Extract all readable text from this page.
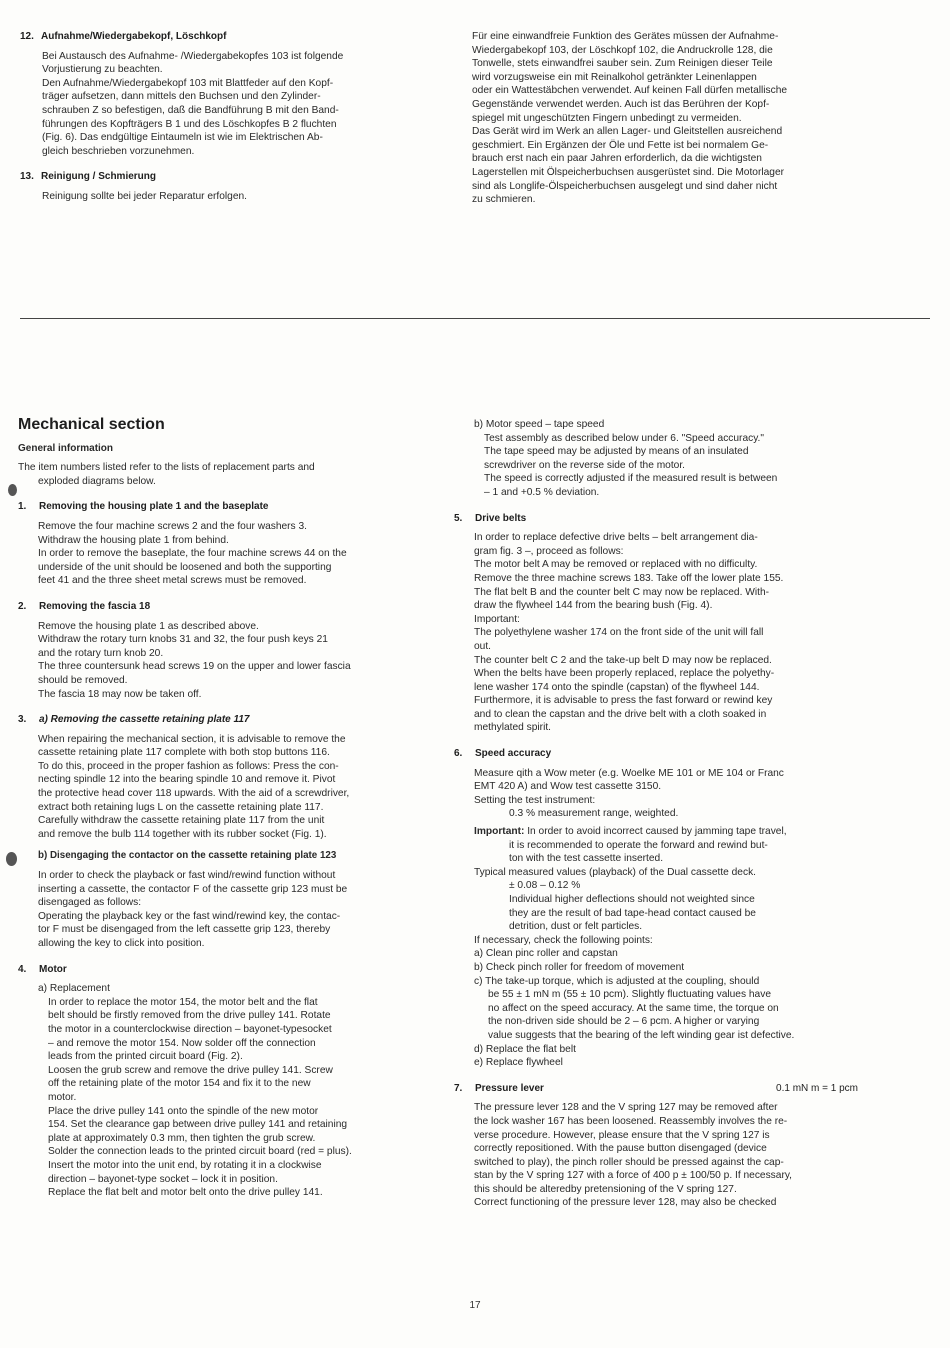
12. Aufnahme/Wiedergabekopf, Löschkopf
Bei Austausch des Aufnahme- /Wiedergabekopfes 103 ist folgende
Vorjustierung zu beachten.
Den Aufnahme/Wiedergabekopf 103 mit Blattfeder auf den Kopf-
träger aufsetzen, dann mittels den Buchsen und den Zylinder-
schrauben Z so befestigen, daß die Bandführung B mit den Band-
führungen des Kopfträgers B 1 und des Löschkopfes B 2 fluchten
(Fig. 6). Das endgültige Eintaumeln ist wie im Elektrischen Ab-
gleich beschrieben vorzunehmen.
13. Reinigung / Schmierung
Reinigung sollte bei jeder Reparatur erfolgen.
Für eine einwandfreie Funktion des Gerätes müssen der Aufnahme-
Wiedergabekopf 103, der Löschkopf 102, die Andruckrolle 128, die
Tonwelle, stets einwandfrei sauber sein. Zum Reinigen dieser Teile
wird vorzugsweise ein mit Reinalkohol getränkter Leinenlappen
oder ein Wattestäbchen verwendet. Auf keinen Fall dürfen metallische
Gegenstände verwendet werden. Auch ist das Berühren der Kopf-
spiegel mit ungeschützten Fingern unbedingt zu vermeiden.
Das Gerät wird im Werk an allen Lager- und Gleitstellen ausreichend
geschmiert. Ein Ergänzen der Öle und Fette ist bei normalem Ge-
brauch erst nach ein paar Jahren erforderlich, da die wichtigsten
Lagerstellen mit Ölspeicherbuchsen ausgerüstet sind. Die Motorlager
sind als Longlife-Ölspeicherbuchsen ausgelegt und sind daher nicht
zu schmieren.
Mechanical section
General information
The item numbers listed refer to the lists of replacement parts and
exploded diagrams below.
1. Removing the housing plate 1 and the baseplate
Remove the four machine screws 2 and the four washers 3.
Withdraw the housing plate 1 from behind.
In order to remove the baseplate, the four machine screws 44 on the
underside of the unit should be loosened and both the supporting
feet 41 and the three sheet metal screws must be removed.
2. Removing the fascia 18
Remove the housing plate 1 as described above.
Withdraw the rotary turn knobs 31 and 32, the four push keys 21
and the rotary turn knob 20.
The three countersunk head screws 19 on the upper and lower fascia
should be removed.
The fascia 18 may now be taken off.
3. a) Removing the cassette retaining plate 117
When repairing the mechanical section, it is advisable to remove the
cassette retaining plate 117 complete with both stop buttons 116.
To do this, proceed in the proper fashion as follows: Press the con-
necting spindle 12 into the bearing spindle 10 and remove it. Pivot
the protective head cover 118 upwards. With the aid of a screwdriver,
extract both retaining lugs L on the cassette retaining plate 117.
Carefully withdraw the cassette retaining plate 117 from the unit
and remove the bulb 114 together with its rubber socket (Fig. 1).
b) Disengaging the contactor on the cassette retaining plate 123
In order to check the playback or fast wind/rewind function without
inserting a cassette, the contactor F of the cassette grip 123 must be
disengaged as follows:
Operating the playback key or the fast wind/rewind key, the contac-
tor F must be disengaged from the left cassette grip 123, thereby
allowing the key to click into position.
4. Motor
a) Replacement
In order to replace the motor 154, the motor belt and the flat
belt should be firstly removed from the drive pulley 141. Rotate
the motor in a counterclockwise direction – bayonet-typesocket
– and remove the motor 154. Now solder off the connection
leads from the printed circuit board (Fig. 2).
Loosen the grub screw and remove the drive pulley 141. Screw
off the retaining plate of the motor 154 and fix it to the new
motor.
Place the drive pulley 141 onto the spindle of the new motor
154. Set the clearance gap between drive pulley 141 and retaining
plate at approximately 0.3 mm, then tighten the grub screw.
Solder the connection leads to the printed circuit board (red = plus).
Insert the motor into the unit end, by rotating it in a clockwise
direction – bayonet-type socket – lock it in position.
Replace the flat belt and motor belt onto the drive pulley 141.
b) Motor speed – tape speed
Test assembly as described below under 6. "Speed accuracy."
The tape speed may be adjusted by means of an insulated
screwdriver on the reverse side of the motor.
The speed is correctly adjusted if the measured result is between
– 1 and +0.5 % deviation.
5. Drive belts
In order to replace defective drive belts – belt arrangement dia-
gram fig. 3 –, proceed as follows:
The motor belt A may be removed or replaced with no difficulty.
Remove the three machine screws 183. Take off the lower plate 155.
The flat belt B and the counter belt C may now be replaced. With-
draw the flywheel 144 from the bearing bush (Fig. 4).
Important:
The polyethylene washer 174 on the front side of the unit will fall
out.
The counter belt C 2 and the take-up belt D may now be replaced.
When the belts have been properly replaced, replace the polyethy-
lene washer 174 onto the spindle (capstan) of the flywheel 144.
Furthermore, it is advisable to press the fast forward or rewind key
and to clean the capstan and the drive belt with a cloth soaked in
methylated spirit.
6. Speed accuracy
Measure qith a Wow meter (e.g. Woelke ME 101 or ME 104 or Franc
EMT 420 A) and Wow test cassette 3150.
Setting the test instrument:
0.3 % measurement range, weighted.
Important: In order to avoid incorrect caused by jamming tape travel,
it is recommended to operate the forward and rewind but-
ton with the test cassette inserted.
Typical measured values (playback) of the Dual cassette deck.
± 0.08 – 0.12 %
Individual higher deflections should not weighted since
they are the result of bad tape-head contact caused be
detrition, dust or felt particles.
If necessary, check the following points:
a) Clean pinc roller and capstan
b) Check pinch roller for freedom of movement
c) The take-up torque, which is adjusted at the coupling, should
be 55 ± 1 mN m (55 ± 10 pcm). Slightly fluctuating values have
no affect on the speed accuracy. At the same time, the torque on
the non-driven side should be 2 – 6 pcm. A higher or varying
value suggests that the bearing of the left winding gear ist defective.
d) Replace the flat belt
e) Replace flywheel
7. Pressure lever	0.1 mN m = 1 pcm
The pressure lever 128 and the V spring 127 may be removed after
the lock washer 167 has been loosened. Reassembly involves the re-
verse procedure. However, please ensure that the V spring 127 is
correctly repositioned. With the pause button disengaged (device
switched to play), the pinch roller should be pressed against the cap-
stan by the V spring 127 with a force of 400 p ± 100/50 p. If necessary,
this should be alteredby pretensioning of the V spring 127.
Correct functioning of the pressure lever 128, may also be checked
17
